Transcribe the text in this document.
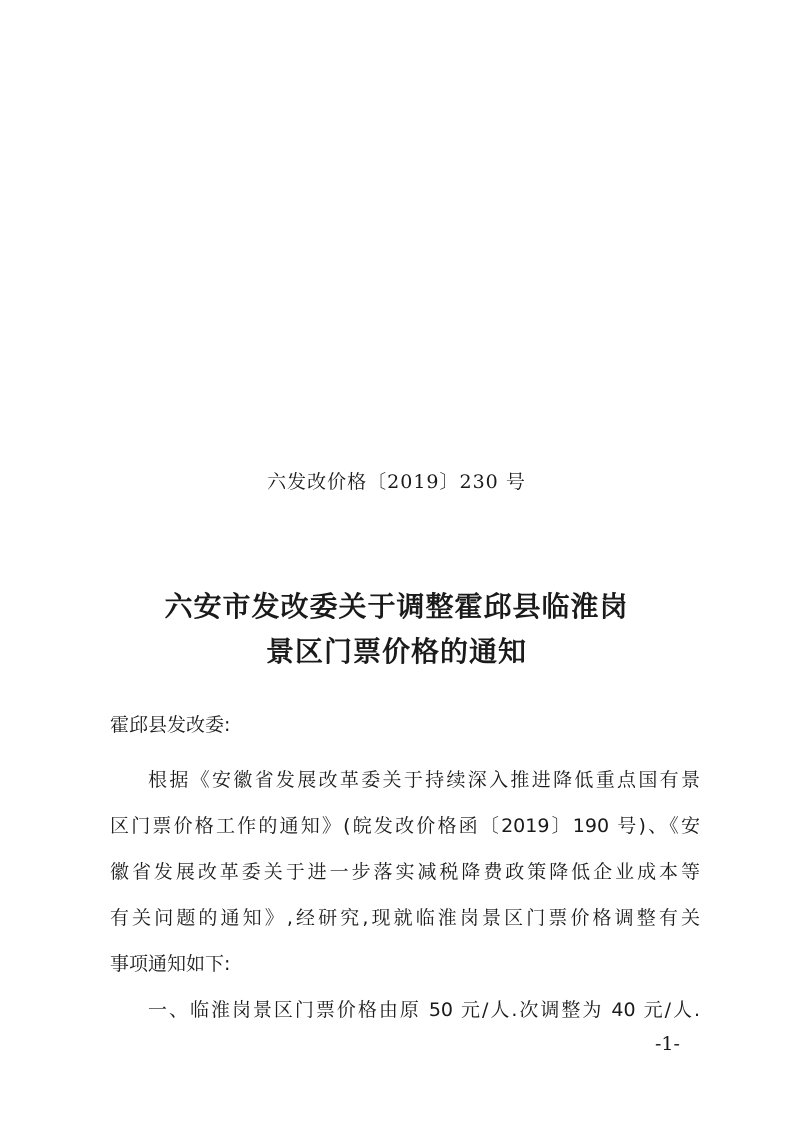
六发改价格〔2019〕230 号
六安市发改委关于调整霍邱县临淮岗
景区门票价格的通知
霍邱县发改委:
根据《安徽省发展改革委关于持续深入推进降低重点国有景
区门票价格工作的通知》(皖发改价格函〔2019〕190 号)、《安
徽省发展改革委关于进一步落实减税降费政策降低企业成本等
有关问题的通知》,经研究,现就临淮岗景区门票价格调整有关
事项通知如下:
一、临淮岗景区门票价格由原 50 元/人.次调整为 40 元/人.
-1-
